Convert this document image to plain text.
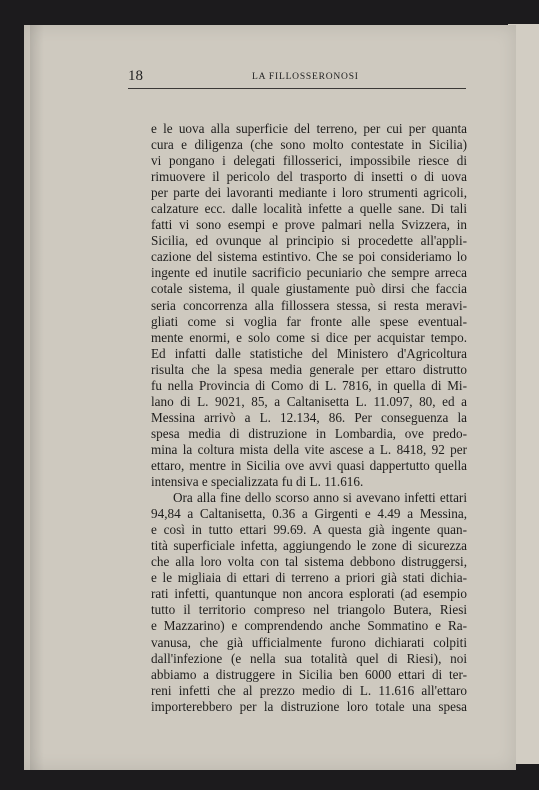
18	LA FILLOSSERONOSI
e le uova alla superficie del terreno, per cui per quanta
cura e diligenza (che sono molto contestate in Sicilia)
vi pongano i delegati fillosserici, impossibile riesce di
rimuovere il pericolo del trasporto di insetti o di uova
per parte dei lavoranti mediante i loro strumenti agricoli,
calzature ecc. dalle località infette a quelle sane. Di tali
fatti vi sono esempi e prove palmari nella Svizzera, in
Sicilia, ed ovunque al principio si procedette all'appli-
cazione del sistema estintivo. Che se poi consideriamo lo
ingente ed inutile sacrificio pecuniario che sempre arreca
cotale sistema, il quale giustamente può dirsi che faccia
seria concorrenza alla fillossera stessa, si resta meravi-
gliati come si voglia far fronte alle spese eventual-
mente enormi, e solo come si dice per acquistar tempo.
Ed infatti dalle statistiche del Ministero d'Agricoltura
risulta che la spesa media generale per ettaro distrutto
fu nella Provincia di Como di L. 7816, in quella di Mi-
lano di L. 9021, 85, a Caltanisetta L. 11.097, 80, ed a
Messina arrivò a L. 12.134, 86. Per conseguenza la
spesa media di distruzione in Lombardia, ove predo-
mina la coltura mista della vite ascese a L. 8418, 92 per
ettaro, mentre in Sicilia ove avvi quasi dappertutto quella
intensiva e specializzata fu di L. 11.616.
Ora alla fine dello scorso anno si avevano infetti ettari
94,84 a Caltanisetta, 0.36 a Girgenti e 4.49 a Messina,
e così in tutto ettari 99.69. A questa già ingente quan-
tità superficiale infetta, aggiungendo le zone di sicurezza
che alla loro volta con tal sistema debbono distruggersi,
e le migliaia di ettari di terreno a priori già stati dichia-
rati infetti, quantunque non ancora esplorati (ad esempio
tutto il territorio compreso nel triangolo Butera, Riesi
e Mazzarino) e comprendendo anche Sommatino e Ra-
vanusa, che già ufficialmente furono dichiarati colpiti
dall'infezione (e nella sua totalità quel di Riesi), noi
abbiamo a distruggere in Sicilia ben 6000 ettari di ter-
reni infetti che al prezzo medio di L. 11.616 all'ettaro
importerebbero per la distruzione loro totale una spesa
